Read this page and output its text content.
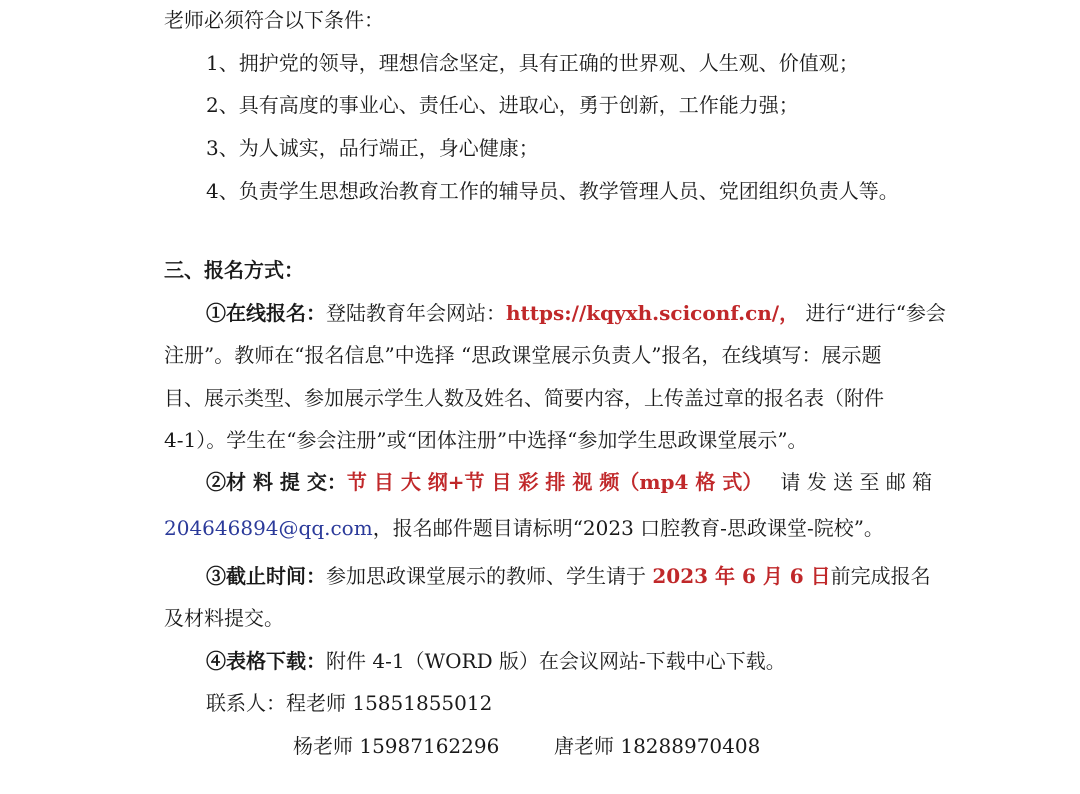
老师必须符合以下条件：
1、拥护党的领导，理想信念坚定，具有正确的世界观、人生观、价值观；
2、具有高度的事业心、责任心、进取心，勇于创新，工作能力强；
3、为人诚实，品行端正，身心健康；
4、负责学生思想政治教育工作的辅导员、教学管理人员、党团组织负责人等。
三、报名方式：
①在线报名：登陆教育年会网站：https://kqyxh.sciconf.cn/， 进行“进行“参会
注册”。教师在“报名信息”中选择 “思政课堂展示负责人”报名，在线填写：展示题
目、展示类型、参加展示学生人数及姓名、简要内容，上传盖过章的报名表（附件
4-1）。学生在“参会注册”或“团体注册”中选择“参加学生思政课堂展示”。
②材 料 提 交：节 目 大 纲+节 目 彩 排 视 频（mp4 格 式） 请 发 送 至 邮 箱
204646894@qq.com，报名邮件题目请标明“2023 口腔教育-思政课堂-院校”。
③截止时间：参加思政课堂展示的教师、学生请于 2023 年 6 月 6 日前完成报名
及材料提交。
④表格下载：附件 4-1（WORD 版）在会议网站-下载中心下载。
联系人：程老师 15851855012
杨老师 15987162296	唐老师 18288970408
